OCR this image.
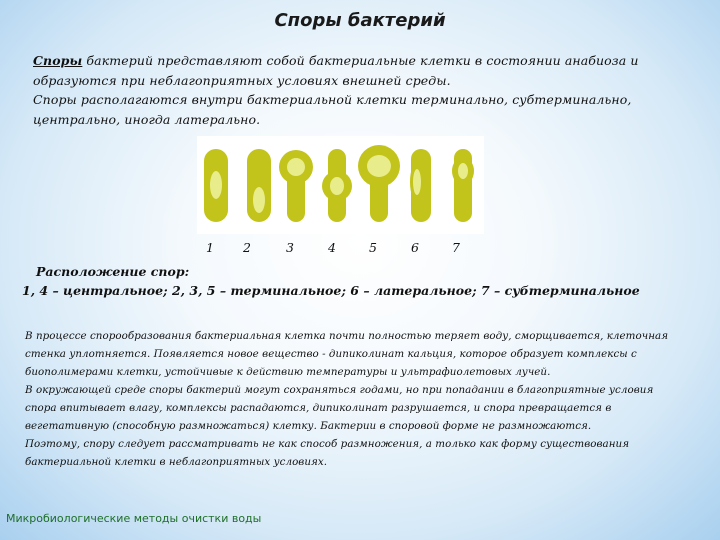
Споры бактерий
Споры бактерий представляют собой бактериальные клетки в состоянии анабиоза и образуются при неблагоприятных условиях внешней среды.
Споры располагаются внутри бактериальной клетки терминально, субтерминально, центрально, иногда латерально.
1 2	3	4	5	6	7
Расположение спор:
1, 4 – центральное; 2, 3, 5 – терминальное; 6 – латеральное; 7 – субтерминальное
В процессе спорообразования бактериальная клетка почти полностью теряет воду, сморщивается, клеточная
стенка уплотняется. Появляется новое вещество - дипиколинат кальция, которое образует комплексы с
биополимерами клетки, устойчивые к действию температуры и ультрафиолетовых лучей.
В окружающей среде споры бактерий могут сохраняться годами, но при попадании в благоприятные условия
спора впитывает влагу, комплексы распадаются, дипиколинат разрушается, и спора превращается в
вегетативную (способную размножаться) клетку. Бактерии в споровой форме не размножаются.
Поэтому, спору следует рассматривать не как способ размножения, а только как форму существования
бактериальной клетки в неблагоприятных условиях.
Микробиологические методы очистки воды
